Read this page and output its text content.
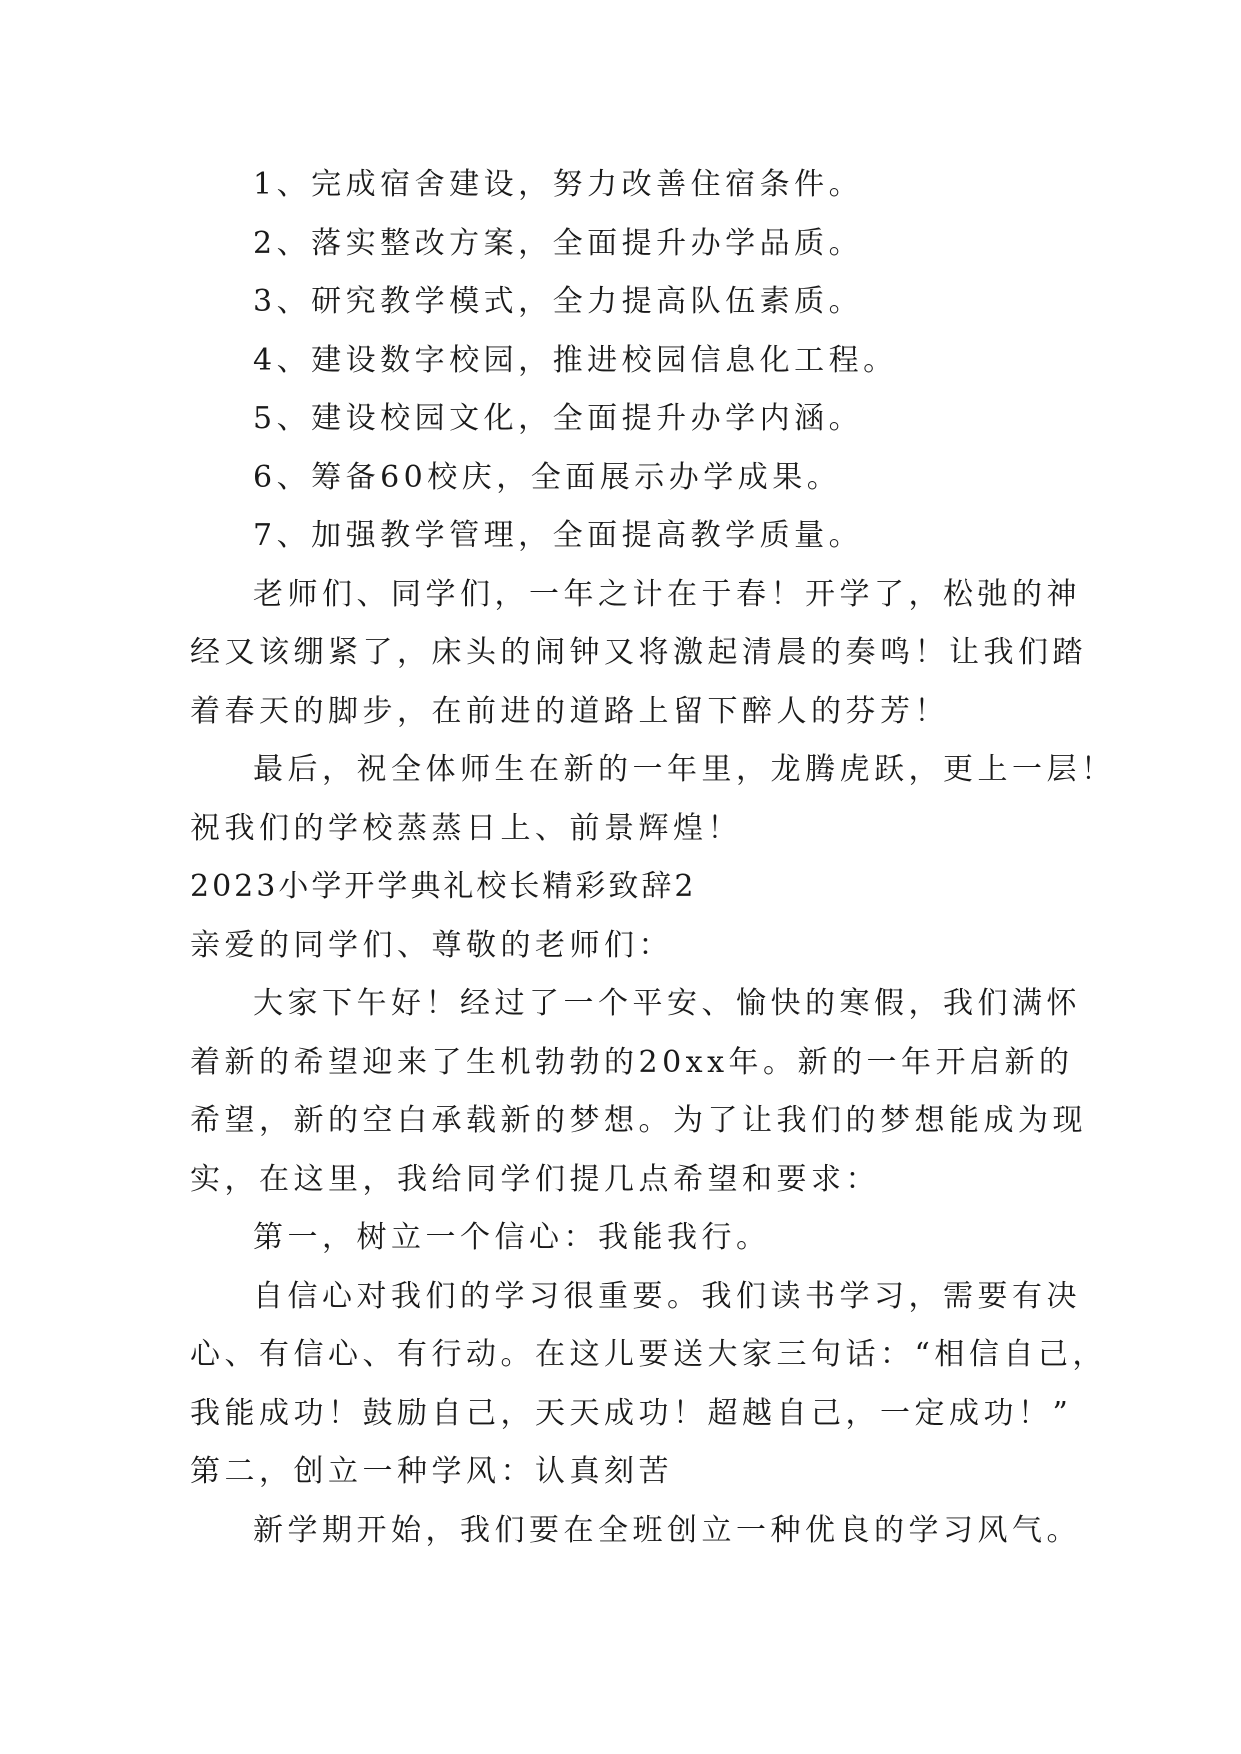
1、完成宿舍建设，努力改善住宿条件。
2、落实整改方案，全面提升办学品质。
3、研究教学模式，全力提高队伍素质。
4、建设数字校园，推进校园信息化工程。
5、建设校园文化，全面提升办学内涵。
6、筹备60校庆，全面展示办学成果。
7、加强教学管理，全面提高教学质量。
老师们、同学们，一年之计在于春！开学了，松弛的神
经又该绷紧了，床头的闹钟又将激起清晨的奏鸣！让我们踏
着春天的脚步，在前进的道路上留下醉人的芬芳！
最后，祝全体师生在新的一年里，龙腾虎跃，更上一层！
祝我们的学校蒸蒸日上、前景辉煌！
2023小学开学典礼校长精彩致辞2
亲爱的同学们、尊敬的老师们：
大家下午好！经过了一个平安、愉快的寒假，我们满怀
着新的希望迎来了生机勃勃的20xx年。新的一年开启新的
希望，新的空白承载新的梦想。为了让我们的梦想能成为现
实，在这里，我给同学们提几点希望和要求：
第一，树立一个信心：我能我行。
自信心对我们的学习很重要。我们读书学习，需要有决
心、有信心、有行动。在这儿要送大家三句话：“相信自己，
我能成功！鼓励自己，天天成功！超越自己，一定成功！”
第二，创立一种学风：认真刻苦
新学期开始，我们要在全班创立一种优良的学习风气。
